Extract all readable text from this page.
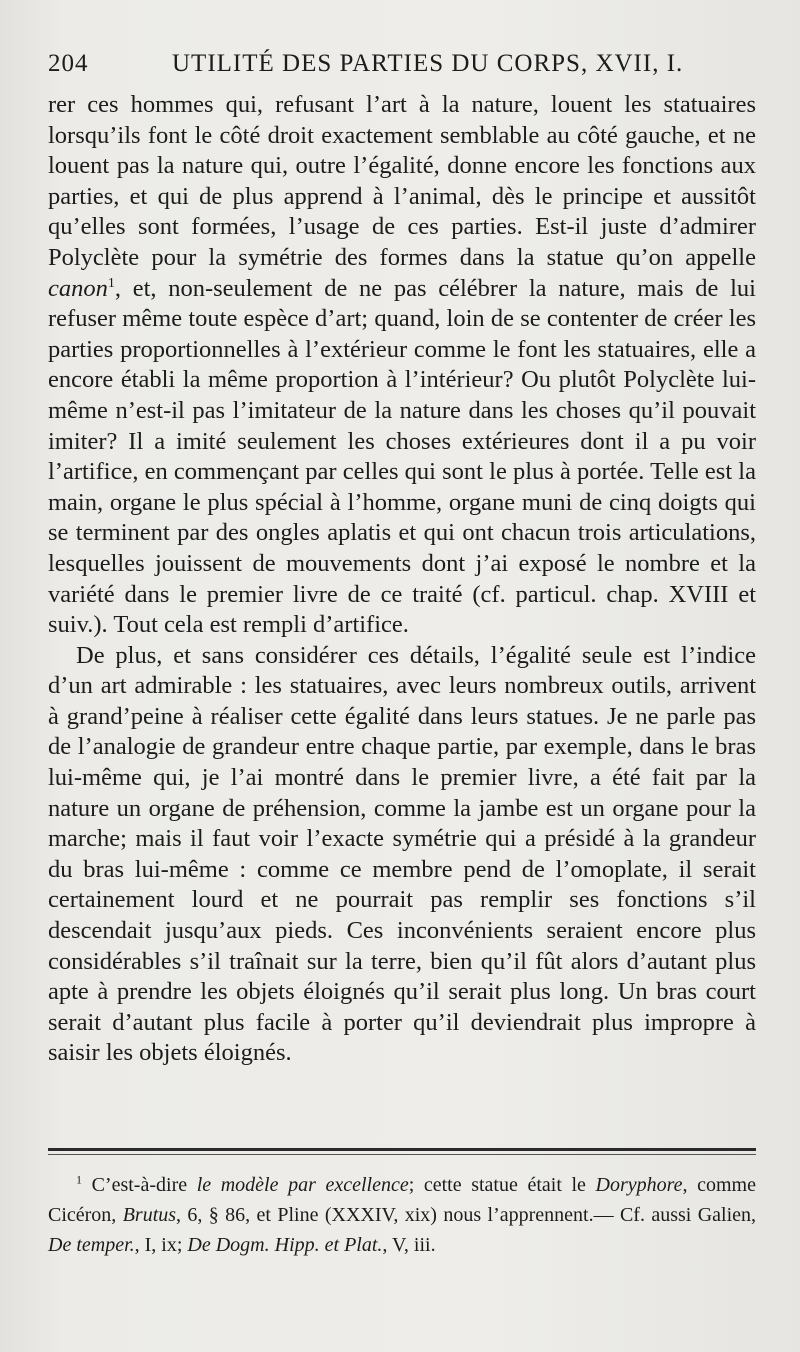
204	UTILITÉ DES PARTIES DU CORPS, XVII, I.

rer ces hommes qui, refusant l’art à la nature, louent les statuaires lorsqu’ils font le côté droit exactement semblable au côté gauche, et ne louent pas la nature qui, outre l’égalité, donne encore les fonctions aux parties, et qui de plus apprend à l’animal, dès le principe et aussitôt qu’elles sont formées, l’usage de ces parties. Est-il juste d’admirer Polyclète pour la symétrie des formes dans la statue qu’on appelle canon$^1$, et, non-seulement de ne pas célébrer la nature, mais de lui refuser même toute espèce d’art; quand, loin de se contenter de créer les parties proportionnelles à l’extérieur comme le font les statuaires, elle a encore établi la même proportion à l’intérieur? Ou plutôt Polyclète lui-même n’est-il pas l’imitateur de la nature dans les choses qu’il pouvait imiter? Il a imité seulement les choses extérieures dont il a pu voir l’artifice, en commençant par celles qui sont le plus à portée. Telle est la main, organe le plus spécial à l’homme, organe muni de cinq doigts qui se terminent par des ongles aplatis et qui ont chacun trois articulations, lesquelles jouissent de mouvements dont j’ai exposé le nombre et la variété dans le premier livre de ce traité (cf. particul. chap. XVIII et suiv.). Tout cela est rempli d’artifice.

De plus, et sans considérer ces détails, l’égalité seule est l’indice d’un art admirable : les statuaires, avec leurs nombreux outils, arrivent à grand’peine à réaliser cette égalité dans leurs statues. Je ne parle pas de l’analogie de grandeur entre chaque partie, par exemple, dans le bras lui-même qui, je l’ai montré dans le premier livre, a été fait par la nature un organe de préhension, comme la jambe est un organe pour la marche; mais il faut voir l’exacte symétrie qui a présidé à la grandeur du bras lui-même : comme ce membre pend de l’omoplate, il serait certainement lourd et ne pourrait pas remplir ses fonctions s’il descendait jusqu’aux pieds. Ces inconvénients seraient encore plus considérables s’il traînait sur la terre, bien qu’il fût alors d’autant plus apte à prendre les objets éloignés qu’il serait plus long. Un bras court serait d’autant plus facile à porter qu’il deviendrait plus impropre à saisir les objets éloignés.

$^1$ C’est-à-dire le modèle par excellence; cette statue était le Doryphore, comme Cicéron, Brutus, 6, § 86, et Pline (XXXIV, xix) nous l’apprennent.— Cf. aussi Galien, De temper., I, ix; De Dogm. Hipp. et Plat., V, iii.
